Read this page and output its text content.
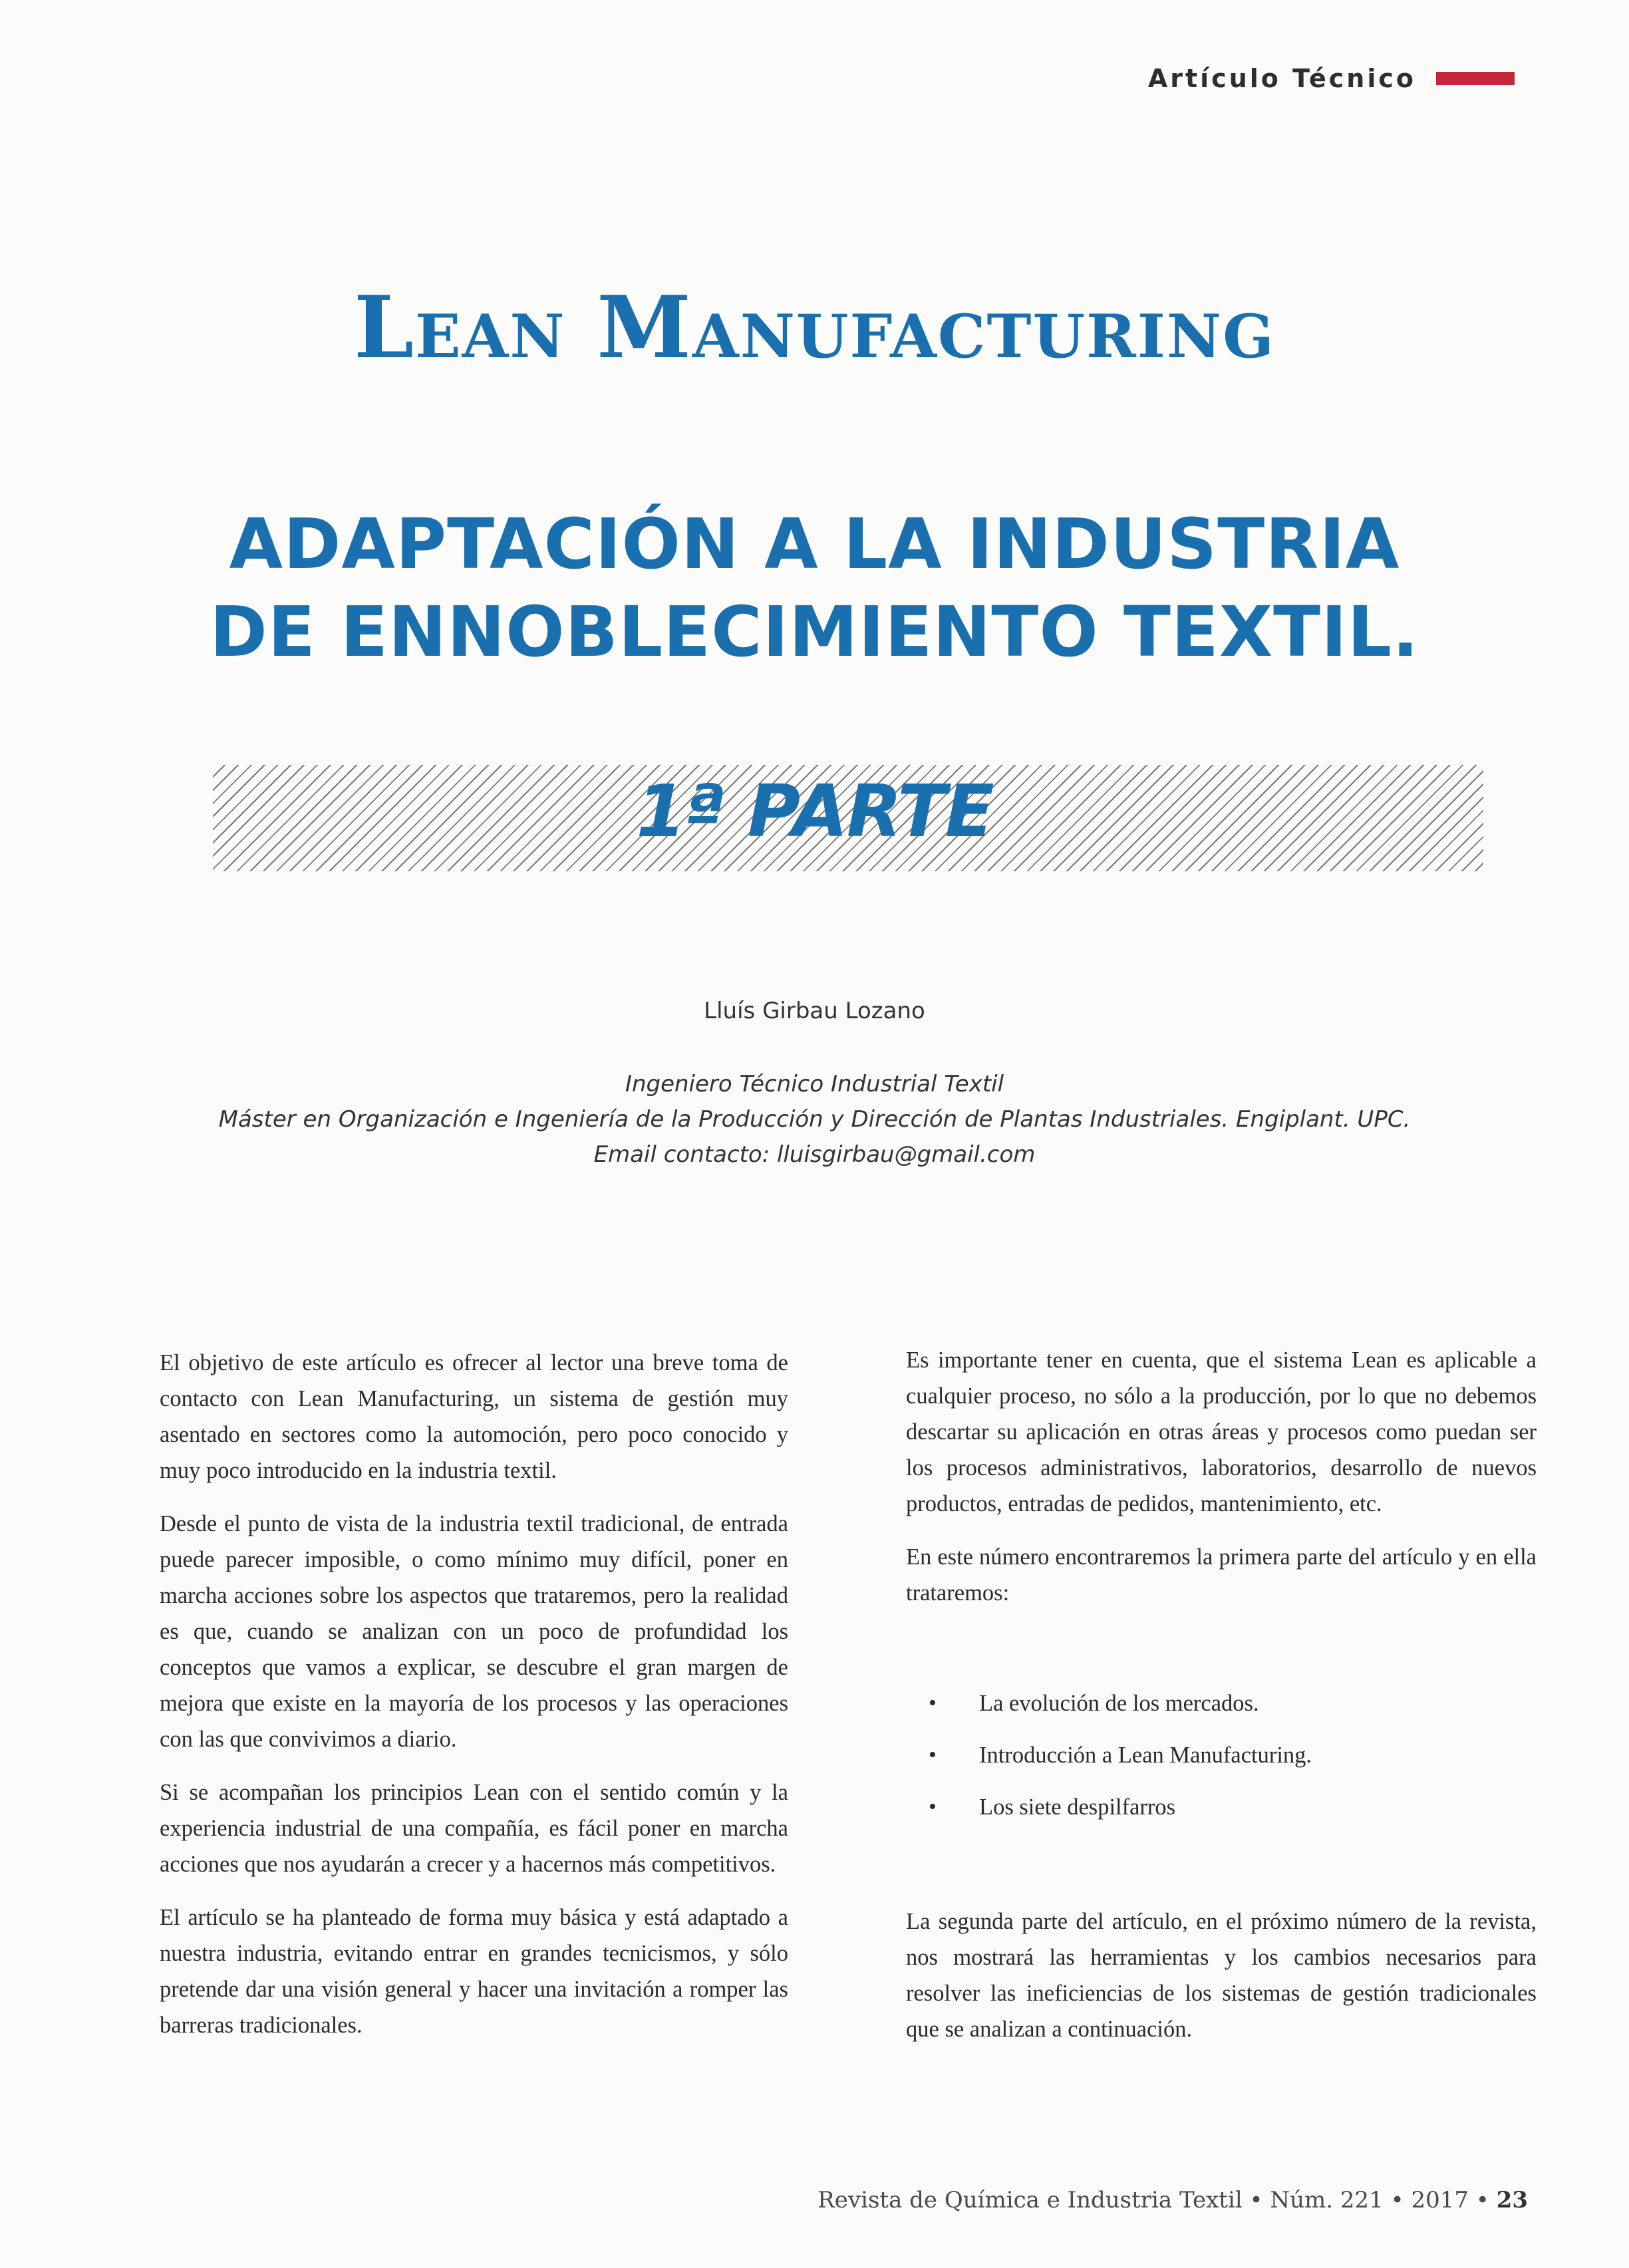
Artículo Técnico
Lean Manufacturing
ADAPTACIÓN A LA INDUSTRIA
DE ENNOBLECIMIENTO TEXTIL.
1ª PARTE
Lluís Girbau Lozano
Ingeniero Técnico Industrial Textil
Máster en Organización e Ingeniería de la Producción y Dirección de Plantas Industriales. Engiplant. UPC.
Email contacto: lluisgirbau@gmail.com

El objetivo de este artículo es ofrecer al lector una breve toma de contacto con Lean Manufacturing, un sistema de gestión muy asentado en sectores como la automoción, pero poco conocido y muy poco introducido en la industria textil.

Desde el punto de vista de la industria textil tradicional, de entrada puede parecer imposible, o como mínimo muy difícil, poner en marcha acciones sobre los aspectos que trataremos, pero la realidad es que, cuando se analizan con un poco de profundidad los conceptos que vamos a explicar, se descubre el gran margen de mejora que existe en la mayoría de los procesos y las operaciones con las que convivimos a diario.

Si se acompañan los principios Lean con el sentido común y la experiencia industrial de una compañía, es fácil poner en marcha acciones que nos ayudarán a crecer y a hacernos más competitivos.

El artículo se ha planteado de forma muy básica y está adaptado a nuestra industria, evitando entrar en grandes tecnicismos, y sólo pretende dar una visión general y hacer una invitación a romper las barreras tradicionales.

Es importante tener en cuenta, que el sistema Lean es aplicable a cualquier proceso, no sólo a la producción, por lo que no debemos descartar su aplicación en otras áreas y procesos como puedan ser los procesos administrativos, laboratorios, desarrollo de nuevos productos, entradas de pedidos, mantenimiento, etc.

En este número encontraremos la primera parte del artículo y en ella trataremos:

• La evolución de los mercados.
• Introducción a Lean Manufacturing.
• Los siete despilfarros

La segunda parte del artículo, en el próximo número de la revista, nos mostrará las herramientas y los cambios necesarios para resolver las ineficiencias de los sistemas de gestión tradicionales que se analizan a continuación.

Revista de Química e Industria Textil • Núm. 221 • 2017 • 23
